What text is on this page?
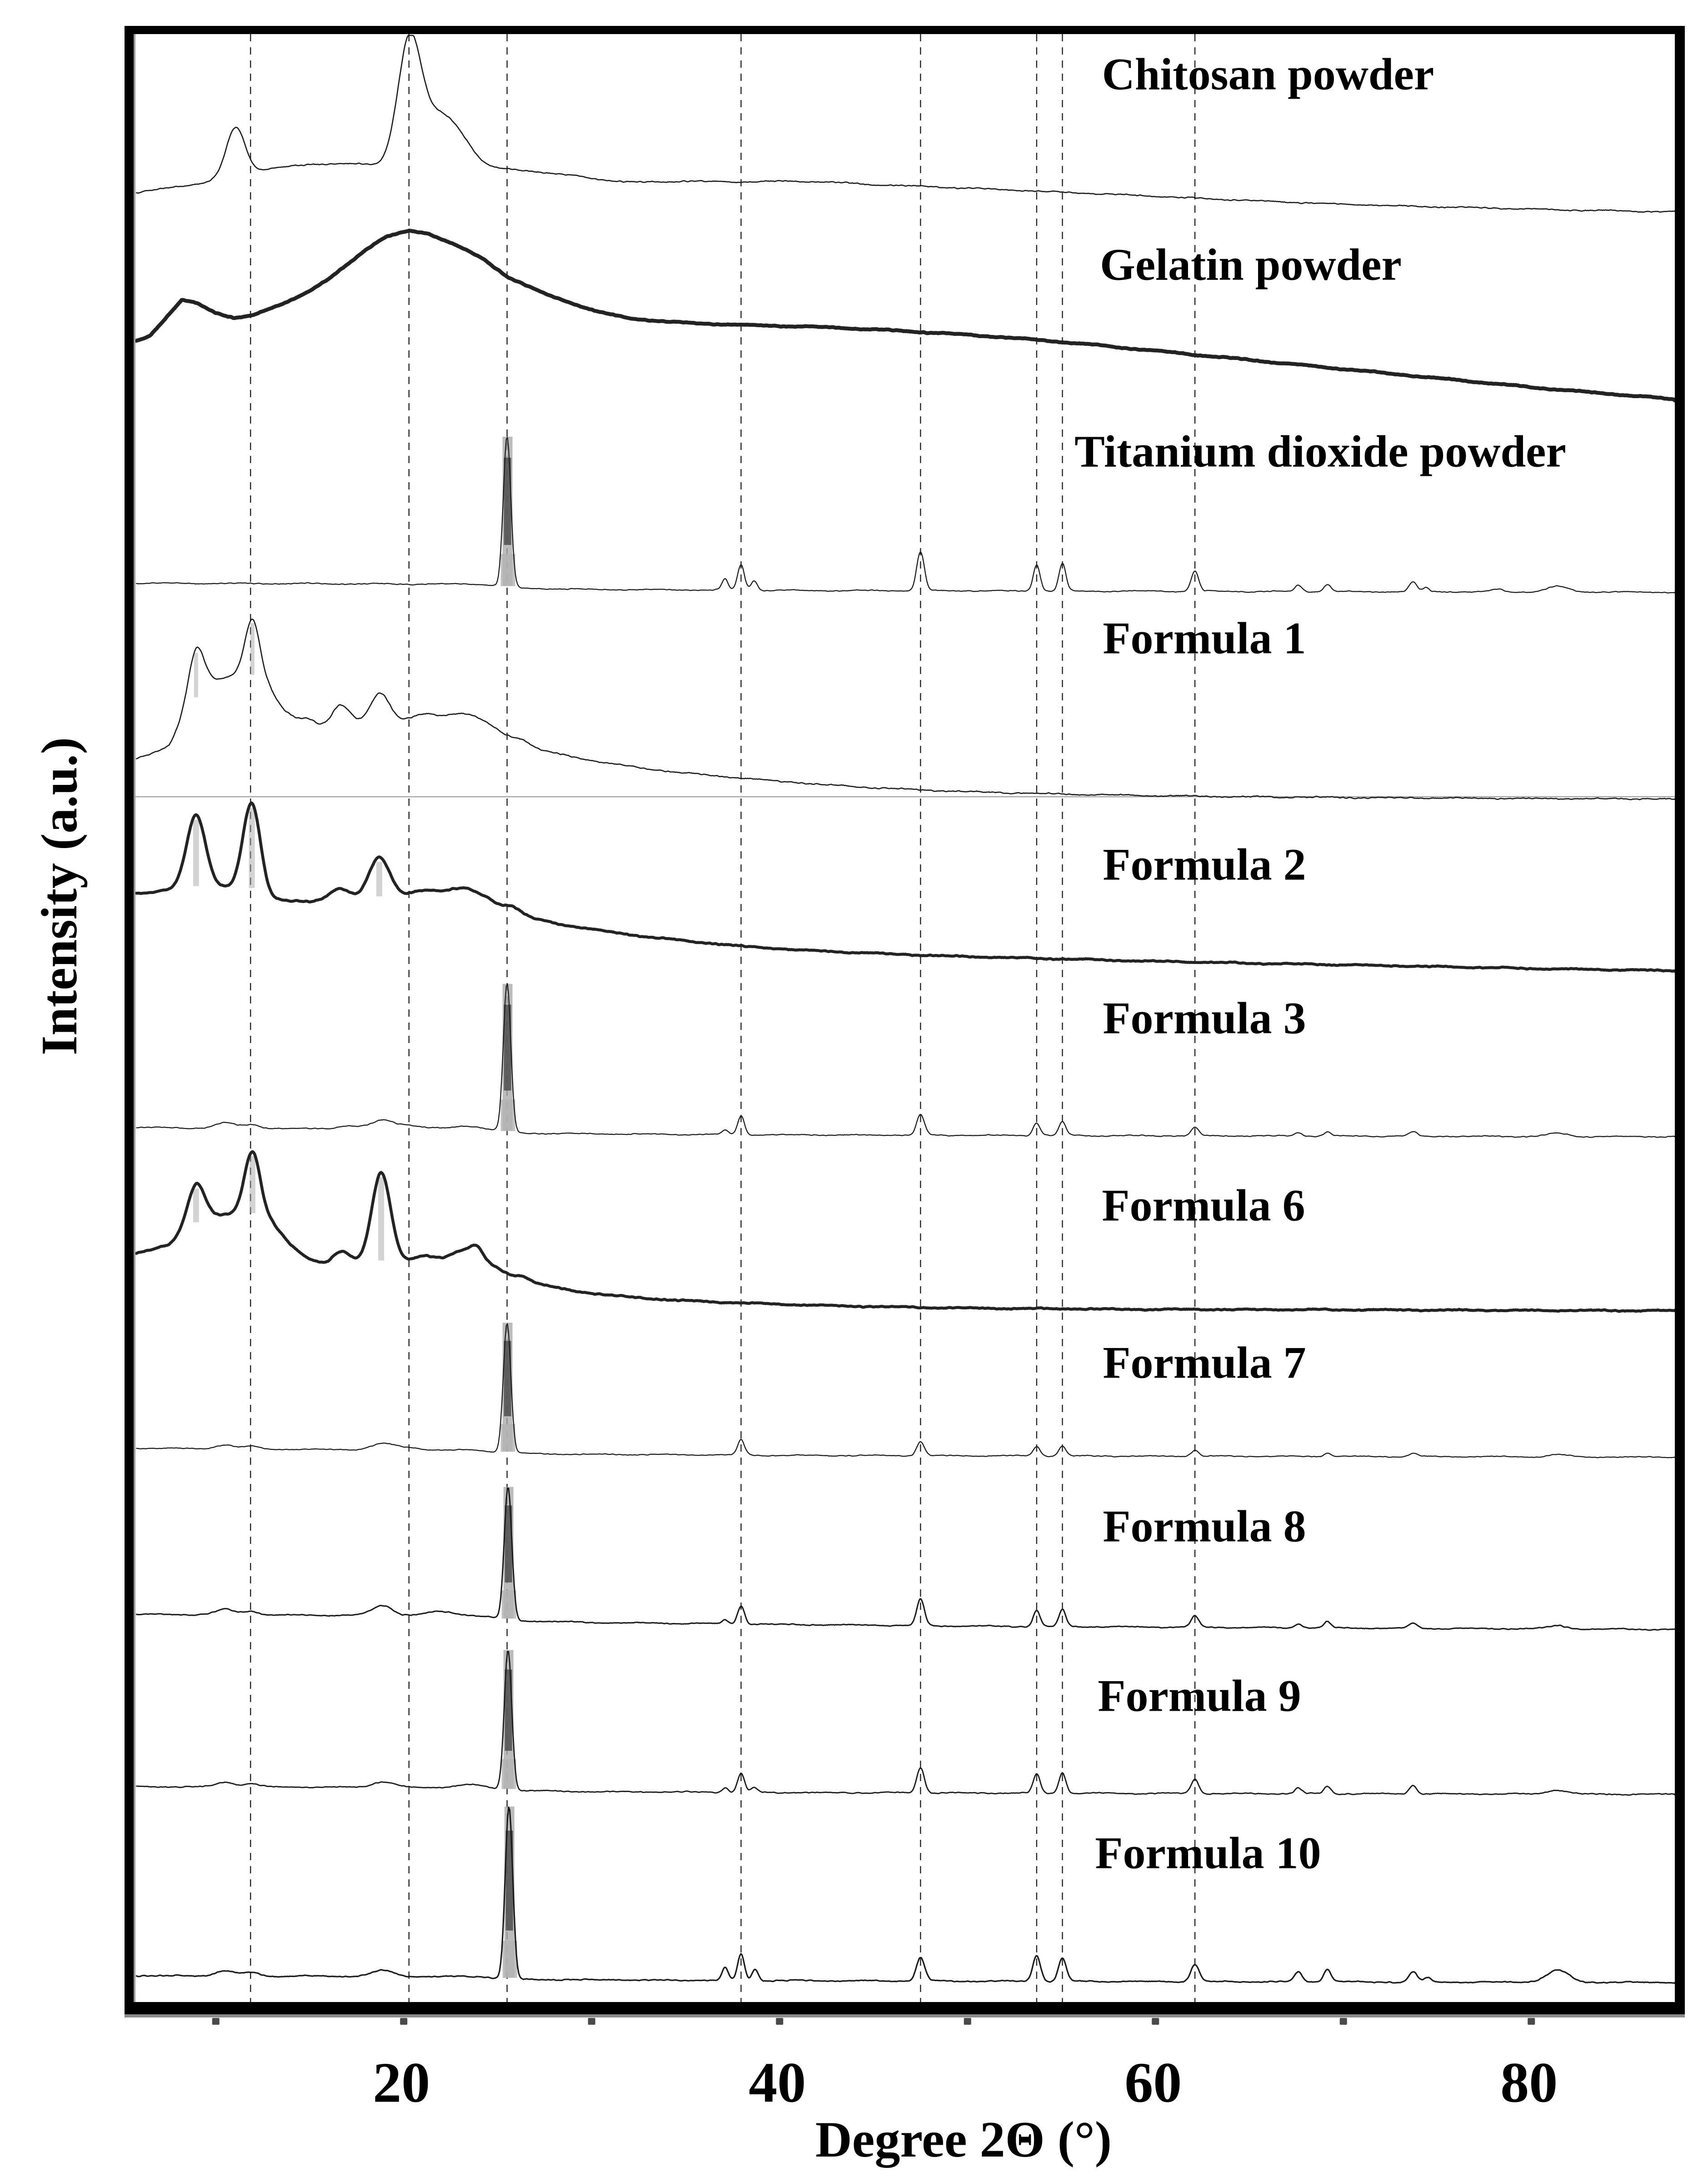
20	40	60	80
Chitosan powder
Gelatin powder
Titanium dioxide powder
Formula 1
Formula 2
Formula 3
Formula 6
Formula 7
Formula 8
Formula 9
Formula 10
Intensity (a.u.)
Degree 2Θ (°)
